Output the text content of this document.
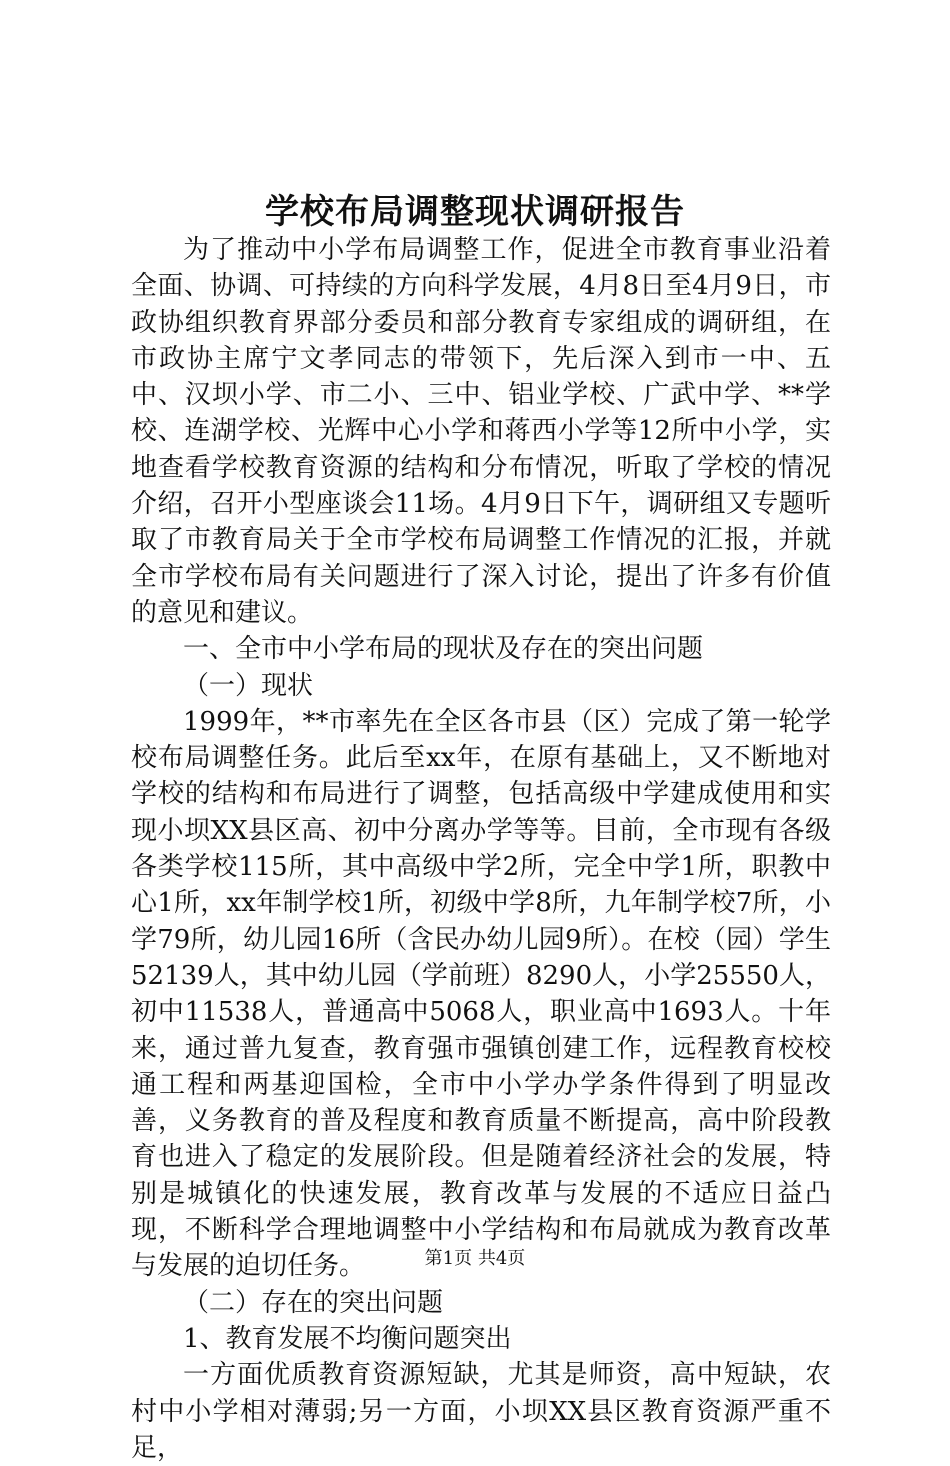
学校布局调整现状调研报告

为了推动中小学布局调整工作，促进全市教育事业沿着全面、协调、可持续的方向科学发展，4月8日至4月9日，市政协组织教育界部分委员和部分教育专家组成的调研组，在市政协主席宁文孝同志的带领下，先后深入到市一中、五中、汉坝小学、市二小、三中、铝业学校、广武中学、**学校、连湖学校、光辉中心小学和蒋西小学等12所中小学，实地查看学校教育资源的结构和分布情况，听取了学校的情况介绍，召开小型座谈会11场。4月9日下午，调研组又专题听取了市教育局关于全市学校布局调整工作情况的汇报，并就全市学校布局有关问题进行了深入讨论，提出了许多有价值的意见和建议。

一、全市中小学布局的现状及存在的突出问题

（一）现状

1999年，**市率先在全区各市县（区）完成了第一轮学校布局调整任务。此后至xx年，在原有基础上，又不断地对学校的结构和布局进行了调整，包括高级中学建成使用和实现小坝XX县区高、初中分离办学等等。目前，全市现有各级各类学校115所，其中高级中学2所，完全中学1所，职教中心1所，xx年制学校1所，初级中学8所，九年制学校7所，小学79所，幼儿园16所（含民办幼儿园9所）。在校（园）学生52139人，其中幼儿园（学前班）8290人，小学25550人，初中11538人，普通高中5068人，职业高中1693人。十年来，通过普九复查，教育强市强镇创建工作，远程教育校校通工程和两基迎国检，全市中小学办学条件得到了明显改善，义务教育的普及程度和教育质量不断提高，高中阶段教育也进入了稳定的发展阶段。但是随着经济社会的发展，特别是城镇化的快速发展，教育改革与发展的不适应日益凸现，不断科学合理地调整中小学结构和布局就成为教育改革与发展的迫切任务。

（二）存在的突出问题

1、教育发展不均衡问题突出

一方面优质教育资源短缺，尤其是师资，高中短缺，农村中小学相对薄弱;另一方面，小坝XX县区教育资源严重不足，

第1页 共4页
